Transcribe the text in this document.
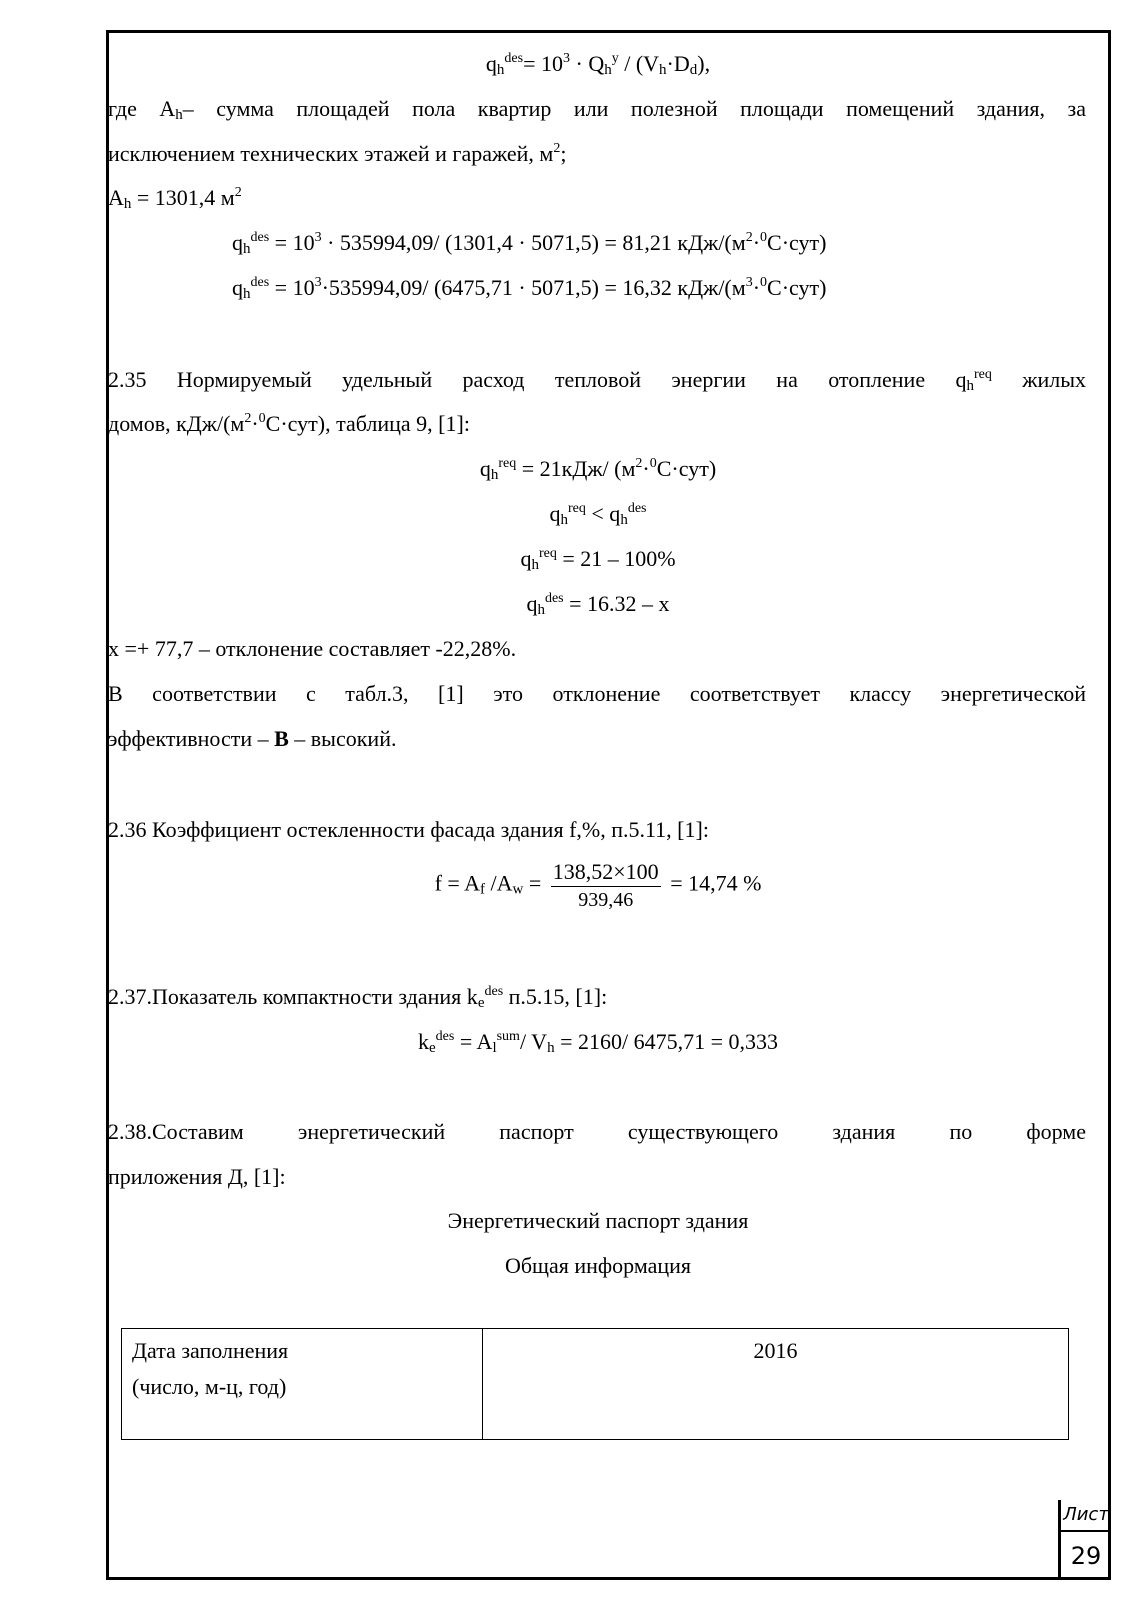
$q_h^{des}= 10^3 \cdot Q_h^y / (V_h\cdot D_d)$,
где $A_h-$ сумма площадей пола квартир или полезной площади помещений здания, за
исключением технических этажей и гаражей, $м^2$;
$A_h = 1301,4$ $м^2$
$q_h^{des} = 10^3 \cdot 535994,09/$ (1301,4 · 5071,5) = 81,21 кДж/$(м^2\cdot^0C\cdot сут)$
$q_h^{des} = 10^3\cdot 535994,09/$ (6475,71 · 5071,5) = 16,32 кДж/$(м^3\cdot^0C\cdot сут)$
2.35 Нормируемый удельный расход тепловой энергии на отопление $q_h^{req}$ жилых
домов, кДж/$(м^2\cdot^0C\cdot сут)$, таблица 9, [1]:
$q_h^{req} = 21кДж/$ $(м^2\cdot^0C\cdot сут)$
$q_h^{req} < q_h^{des}$
$q_h^{req} = 21 - 100\%$
$q_h^{des} = 16.32 - х$
х =+ 77,7 – отклонение составляет -22,28%.
В соответствии с табл.3, [1] это отклонение соответствует классу энергетической
эффективности – В – высокий.
2.36 Коэффициент остекленности фасада здания f,%, п.5.11, [1]:
$f = A_f$ $/A_w = \frac{138,52\times 100}{939,46} = 14,74$ %
2.37.Показатель компактности здания $k_e^{des}$ п.5.15, [1]:
$k_e^{des} = A_l^{sum}/$ $V_h = 2160/$ 6475,71 = 0,333
2.38.Составим энергетический паспорт существующего здания по форме
приложения Д, [1]:
Энергетический паспорт здания
Общая информация
Дата заполнения
(число, м-ц, год)	2016
Лист
29
